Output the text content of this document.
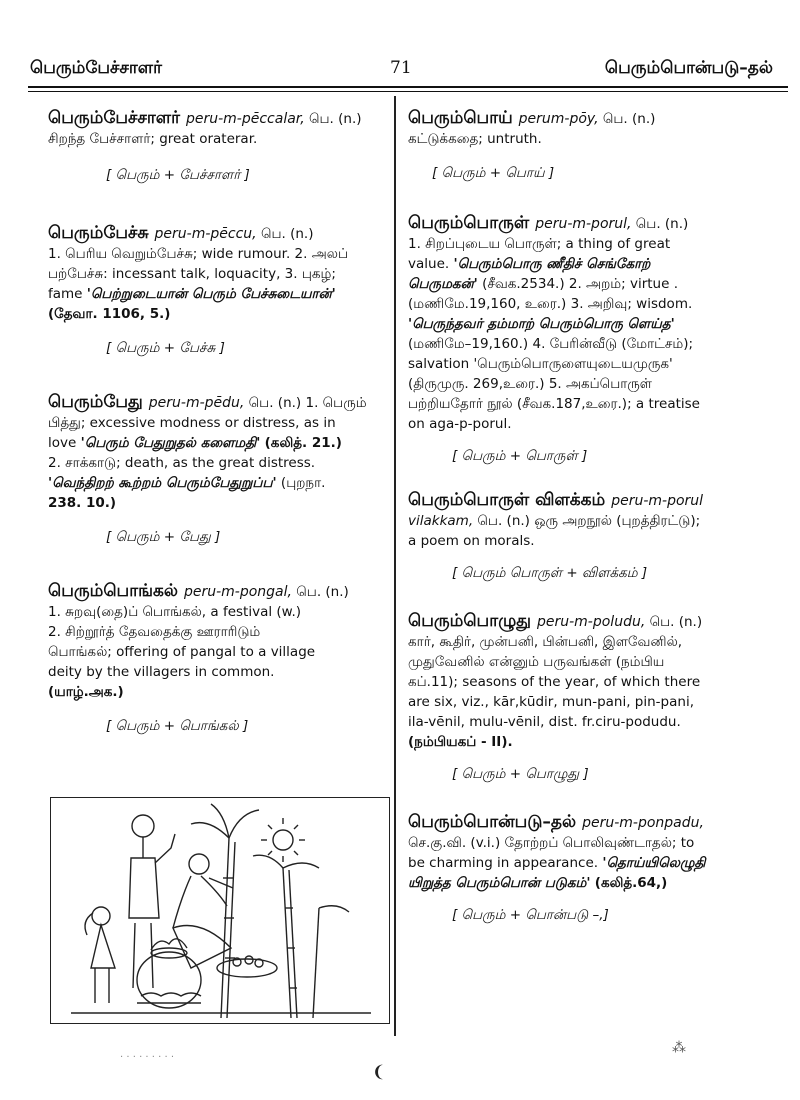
பெரும்பேச்சாளர்	71	பெரும்பொன்படு–தல்

பெரும்பேச்சாளர் peru-m-pēccalar, பெ. (n.)

சிறந்த பேச்சாளர்; great oraterar.

[ பெரும் + பேச்சாளர் ]

பெரும்பேச்சு peru-m-pēccu, பெ. (n.)

1. பெரிய வெறும்பேச்சு; wide rumour. 2. அலப்

பற்பேச்சு: incessant talk, loquacity, 3. புகழ்;

fame 'பெற்றுடையான் பெரும் பேச்சுடையான்'

(தேவா. 1106, 5.)

[ பெரும் + பேச்சு ]

பெரும்பேது peru-m-pēdu, பெ. (n.) 1. பெரும்

பித்து; excessive modness or distress, as in

love 'பெரும் பேதுறுதல் களைமதி' (கலித். 21.)

2. சாக்காடு; death, as the great distress.

'வெந்திறற் கூற்றம் பெரும்பேதுறுப்ப' (புறநா.

238. 10.)

[ பெரும் + பேது ]

பெரும்பொங்கல் peru-m-pongal, பெ. (n.)

1. சுறவு(தை)ப் பொங்கல், a festival (w.)

2. சிற்றூர்த் தேவதைக்கு ஊராரிடும்

பொங்கல்; offering of pangal to a village

deity by the villagers in common.

(யாழ்.அக.)

[ பெரும் + பொங்கல் ]

பெரும்பொய் perum-pōy, பெ. (n.)

கட்டுக்கதை; untruth.

[ பெரும் + பொய் ]

பெரும்பொருள் peru-m-porul, பெ. (n.)

1. சிறப்புடைய பொருள்; a thing of great

value. 'பெரும்பொரு ணீதிச் செங்கோற்

பெருமகன்' (சீவக.2534.) 2. அறம்; virtue .

(மணிமே.19,160, உரை.) 3. அறிவு; wisdom.

'பெருந்தவர் தம்மாற் பெரும்பொரு ளெய்த'

(மணிமே–19,160.) 4. பேரின்வீடு (மோட்சம்);

salvation 'பெரும்பொருளையுடையமுருக'

(திருமுரு. 269,உரை.) 5. அகப்பொருள்

பற்றியதோர் நூல் (சீவக.187,உரை.); a treatise

on aga-p-porul.

[ பெரும் + பொருள் ]

பெரும்பொருள் விளக்கம் peru-m-porul

vilakkam, பெ. (n.) ஒரு அறநூல் (புறத்திரட்டு);

a poem on morals.

[ பெரும் பொருள் + விளக்கம் ]

பெரும்பொழுது peru-m-poludu, பெ. (n.)

கார், கூதிர், முன்பனி, பின்பனி, இளவேனில்,

முதுவேனில் என்னும் பருவங்கள் (நம்பிய

கப்.11); seasons of the year, of which there

are six, viz., kār,kūdir, mun-pani, pin-pani,

ila-vēnil, mulu-vēnil, dist. fr.ciru-podudu.

(நம்பியகப் - II).

[ பெரும் + பொழுது ]

பெரும்பொன்படு–தல் peru-m-ponpadu,

செ.கு.வி. (v.i.) தோற்றப் பொலிவுண்டாதல்; to

be charming in appearance. 'தொய்யிலெழுதி

யிறுத்த பெரும்பொன் படுகம்' (கலித்.64,)

[ பெரும் + பொன்படு –,]

· · · · · · · · ·
❨
⁂
